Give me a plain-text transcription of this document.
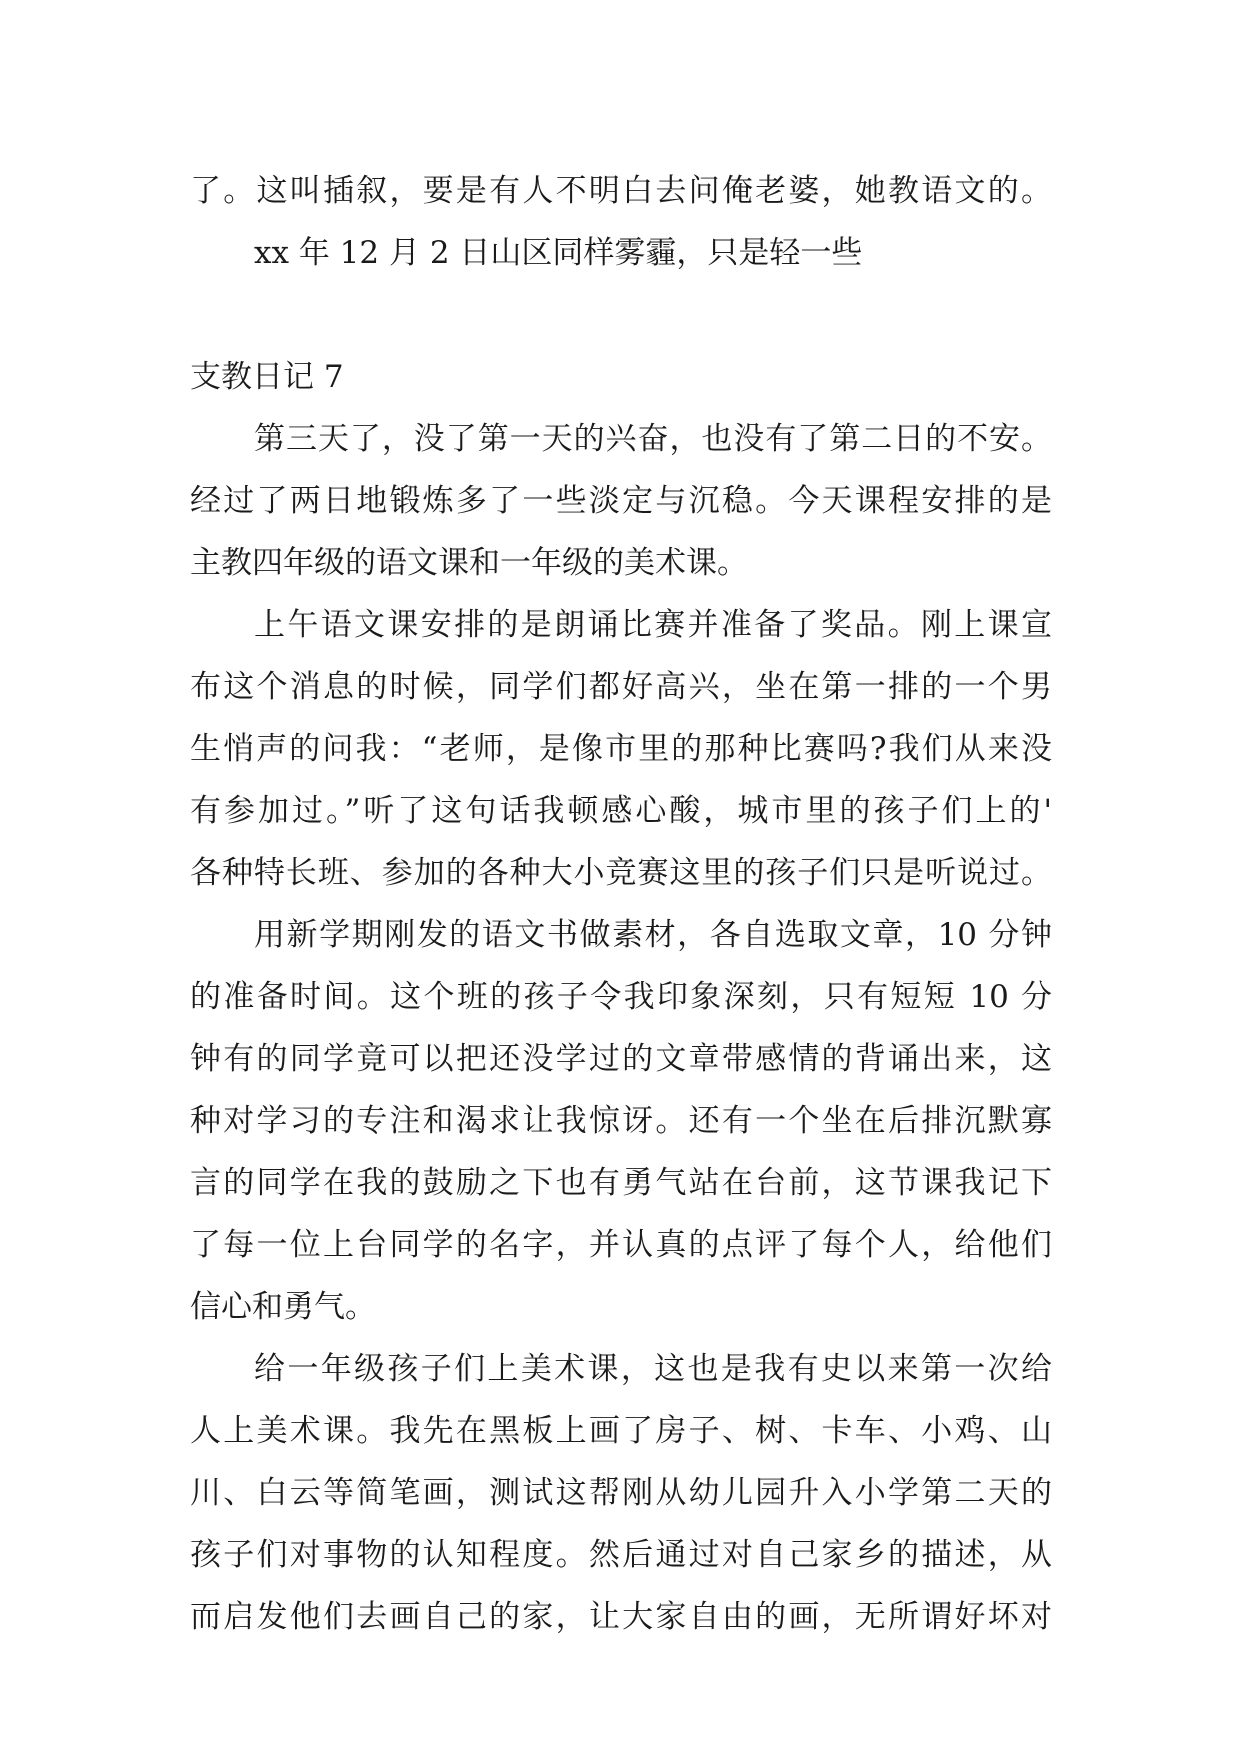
了。这叫插叙，要是有人不明白去问俺老婆，她教语文的。
xx 年 12 月 2 日山区同样雾霾，只是轻一些
支教日记 7
第三天了，没了第一天的兴奋，也没有了第二日的不安。
经过了两日地锻炼多了一些淡定与沉稳。今天课程安排的是
主教四年级的语文课和一年级的美术课。
上午语文课安排的是朗诵比赛并准备了奖品。刚上课宣
布这个消息的时候，同学们都好高兴，坐在第一排的一个男
生悄声的问我：“老师，是像市里的那种比赛吗?我们从来没
有参加过。”听了这句话我顿感心酸，城市里的孩子们上的'
各种特长班、参加的各种大小竞赛这里的孩子们只是听说过。
用新学期刚发的语文书做素材，各自选取文章，10 分钟
的准备时间。这个班的孩子令我印象深刻，只有短短 10 分
钟有的同学竟可以把还没学过的文章带感情的背诵出来，这
种对学习的专注和渴求让我惊讶。还有一个坐在后排沉默寡
言的同学在我的鼓励之下也有勇气站在台前，这节课我记下
了每一位上台同学的名字，并认真的点评了每个人，给他们
信心和勇气。
给一年级孩子们上美术课，这也是我有史以来第一次给
人上美术课。我先在黑板上画了房子、树、卡车、小鸡、山
川、白云等简笔画，测试这帮刚从幼儿园升入小学第二天的
孩子们对事物的认知程度。然后通过对自己家乡的描述，从
而启发他们去画自己的家，让大家自由的画，无所谓好坏对
